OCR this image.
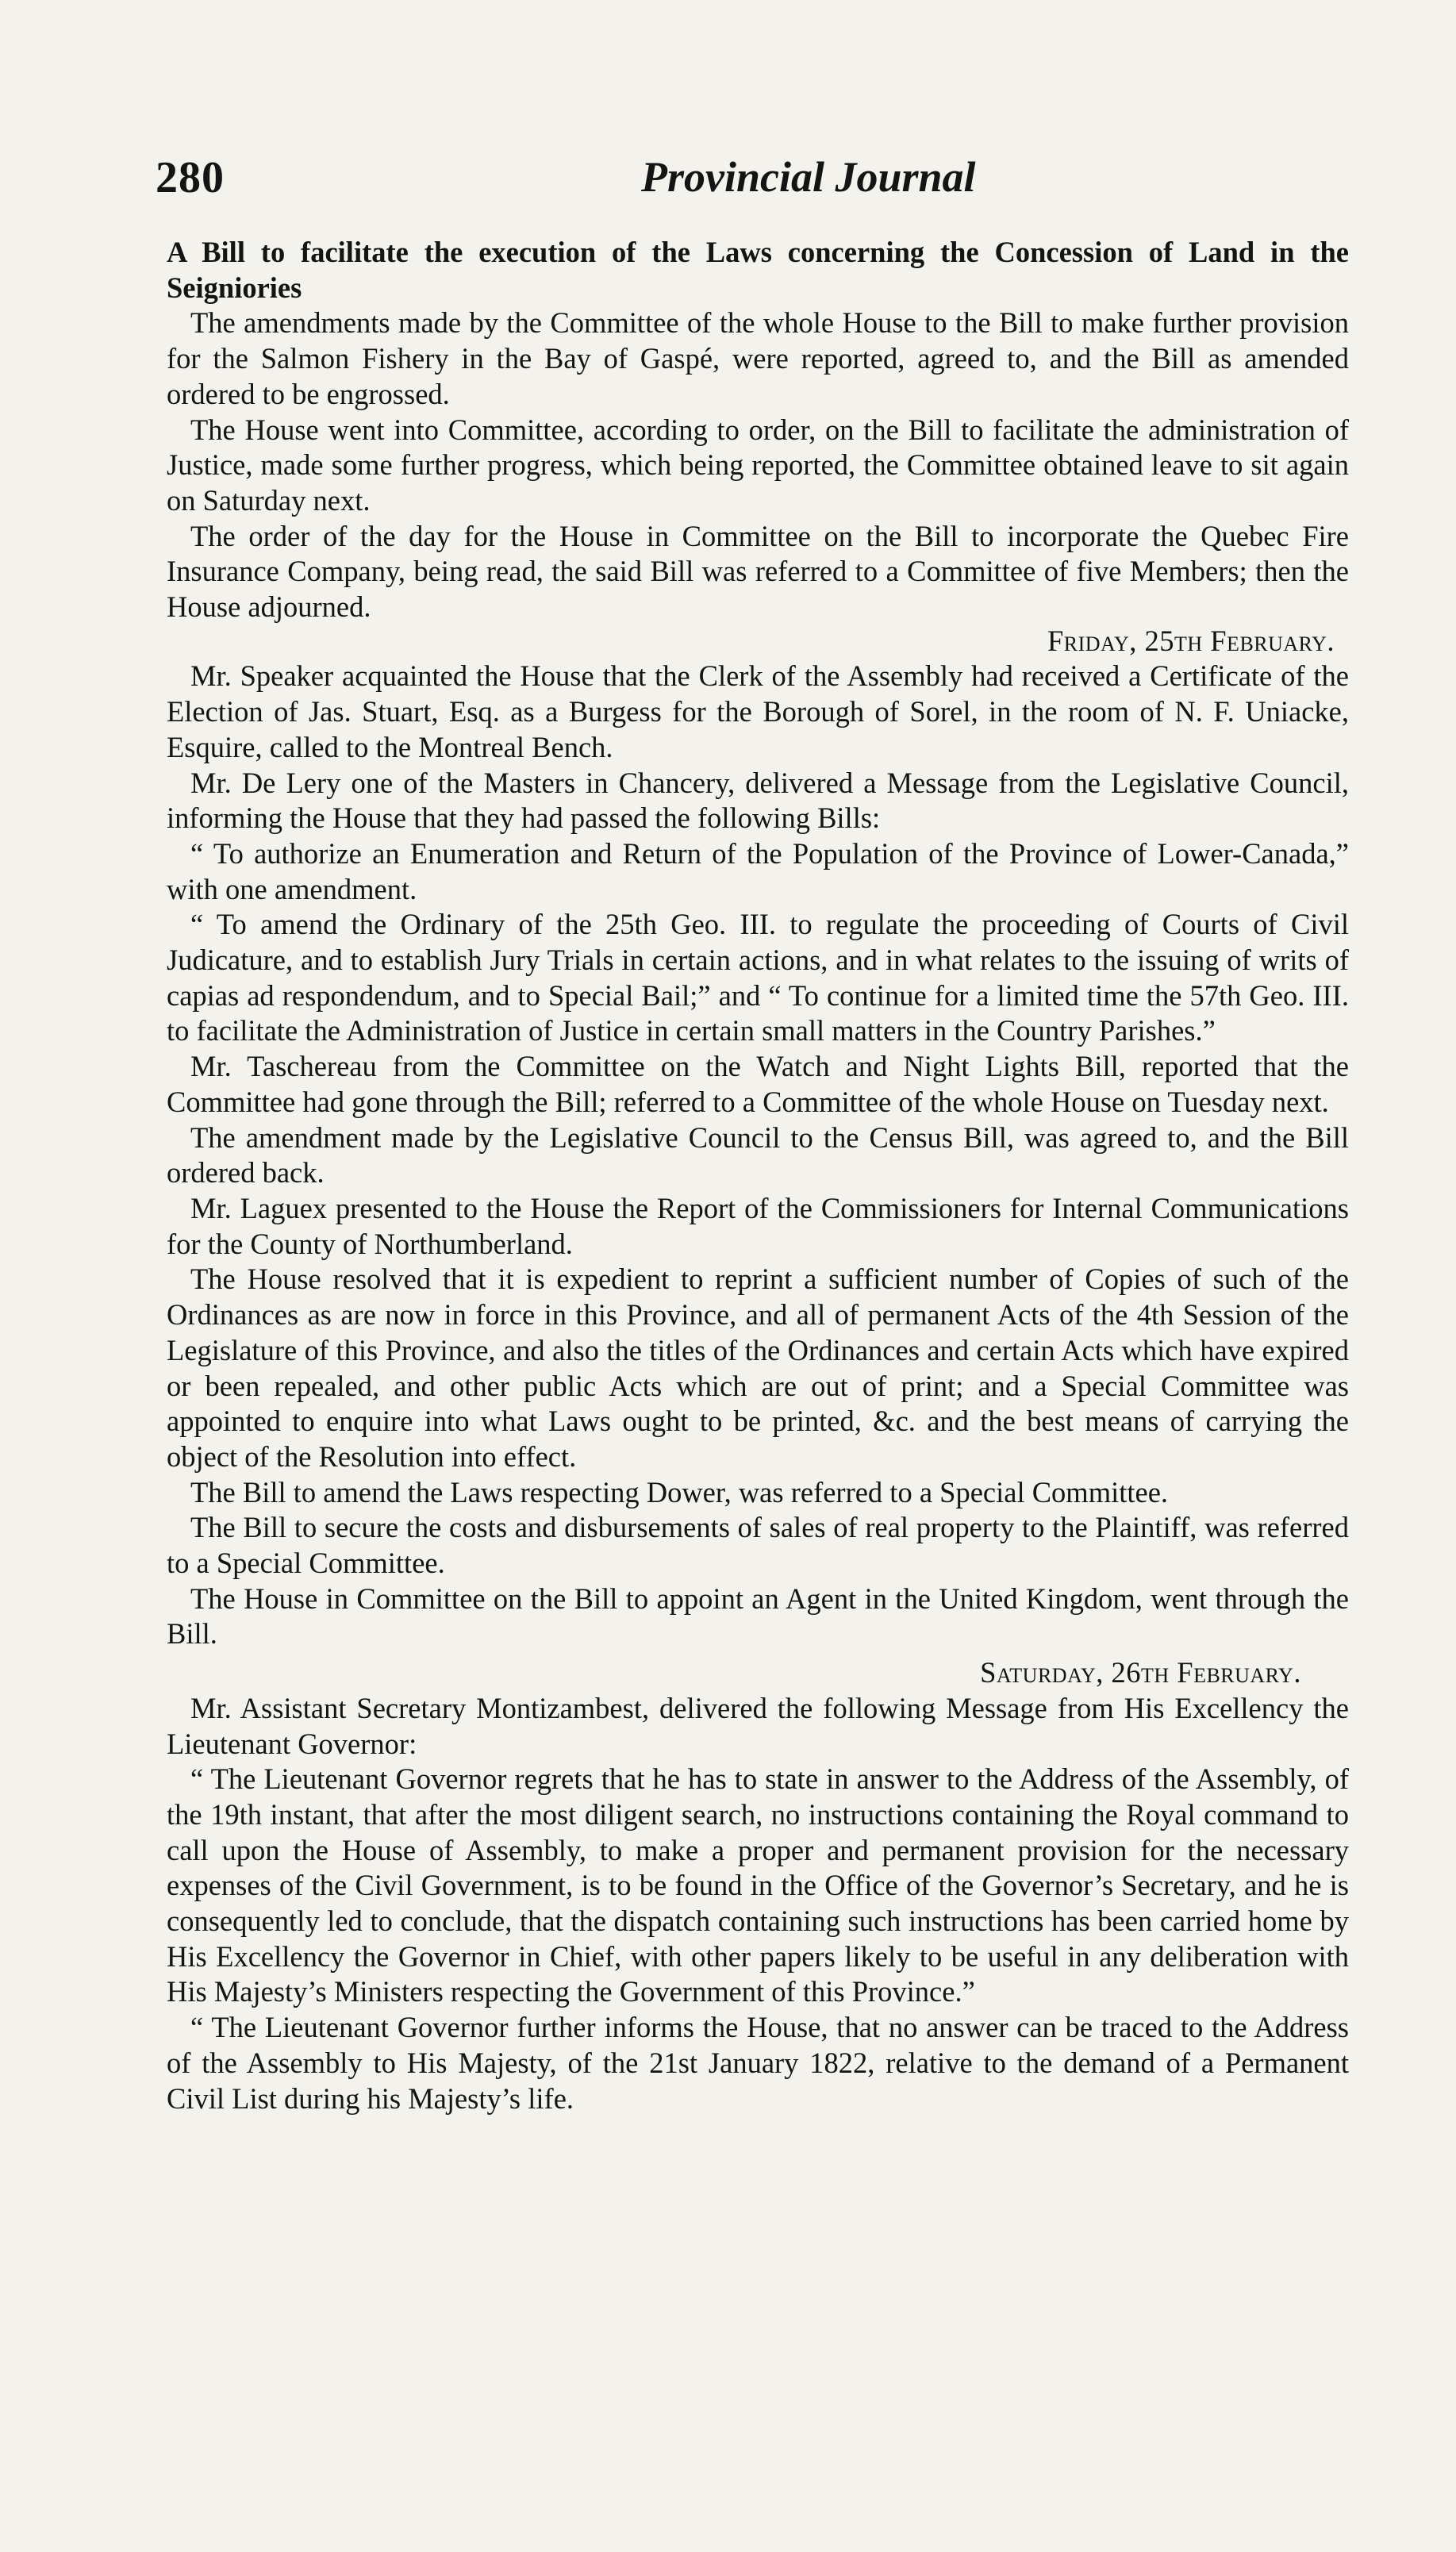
280	Provincial Journal

A Bill to facilitate the execution of the Laws concerning the Concession of Land in the Seigniories

The amendments made by the Committee of the whole House to the Bill to make further provision for the Salmon Fishery in the Bay of Gaspé, were reported, agreed to, and the Bill as amended ordered to be engrossed.

The House went into Committee, according to order, on the Bill to facilitate the administration of Justice, made some further progress, which being reported, the Committee obtained leave to sit again on Saturday next.

The order of the day for the House in Committee on the Bill to incorporate the Quebec Fire Insurance Company, being read, the said Bill was referred to a Committee of five Members; then the House adjourned.

Friday, 25th February.

Mr. Speaker acquainted the House that the Clerk of the Assembly had received a Certificate of the Election of Jas. Stuart, Esq. as a Burgess for the Borough of Sorel, in the room of N. F. Uniacke, Esquire, called to the Montreal Bench.

Mr. De Lery one of the Masters in Chancery, delivered a Message from the Legislative Council, informing the House that they had passed the following Bills:

“ To authorize an Enumeration and Return of the Population of the Province of Lower-Canada,” with one amendment.

“ To amend the Ordinary of the 25th Geo. III. to regulate the proceeding of Courts of Civil Judicature, and to establish Jury Trials in certain actions, and in what relates to the issuing of writs of capias ad respondendum, and to Special Bail;” and “ To continue for a limited time the 57th Geo. III. to facilitate the Administration of Justice in certain small matters in the Country Parishes.”

Mr. Taschereau from the Committee on the Watch and Night Lights Bill, reported that the Committee had gone through the Bill; referred to a Committee of the whole House on Tuesday next.

The amendment made by the Legislative Council to the Census Bill, was agreed to, and the Bill ordered back.

Mr. Laguex presented to the House the Report of the Commissioners for Internal Communications for the County of Northumberland.

The House resolved that it is expedient to reprint a sufficient number of Copies of such of the Ordinances as are now in force in this Province, and all of permanent Acts of the 4th Session of the Legislature of this Province, and also the titles of the Ordinances and certain Acts which have expired or been repealed, and other public Acts which are out of print; and a Special Committee was appointed to enquire into what Laws ought to be printed, &c. and the best means of carrying the object of the Resolution into effect.

The Bill to amend the Laws respecting Dower, was referred to a Special Committee.

The Bill to secure the costs and disbursements of sales of real property to the Plaintiff, was referred to a Special Committee.

The House in Committee on the Bill to appoint an Agent in the United Kingdom, went through the Bill.

Saturday, 26th February.

Mr. Assistant Secretary Montizambest, delivered the following Message from His Excellency the Lieutenant Governor:

“ The Lieutenant Governor regrets that he has to state in answer to the Address of the Assembly, of the 19th instant, that after the most diligent search, no instructions containing the Royal command to call upon the House of Assembly, to make a proper and permanent provision for the necessary expenses of the Civil Government, is to be found in the Office of the Governor’s Secretary, and he is consequently led to conclude, that the dispatch containing such instructions has been carried home by His Excellency the Governor in Chief, with other papers likely to be useful in any deliberation with His Majesty’s Ministers respecting the Government of this Province.”

“ The Lieutenant Governor further informs the House, that no answer can be traced to the Address of the Assembly to His Majesty, of the 21st January 1822, relative to the demand of a Permanent Civil List during his Majesty’s life.
